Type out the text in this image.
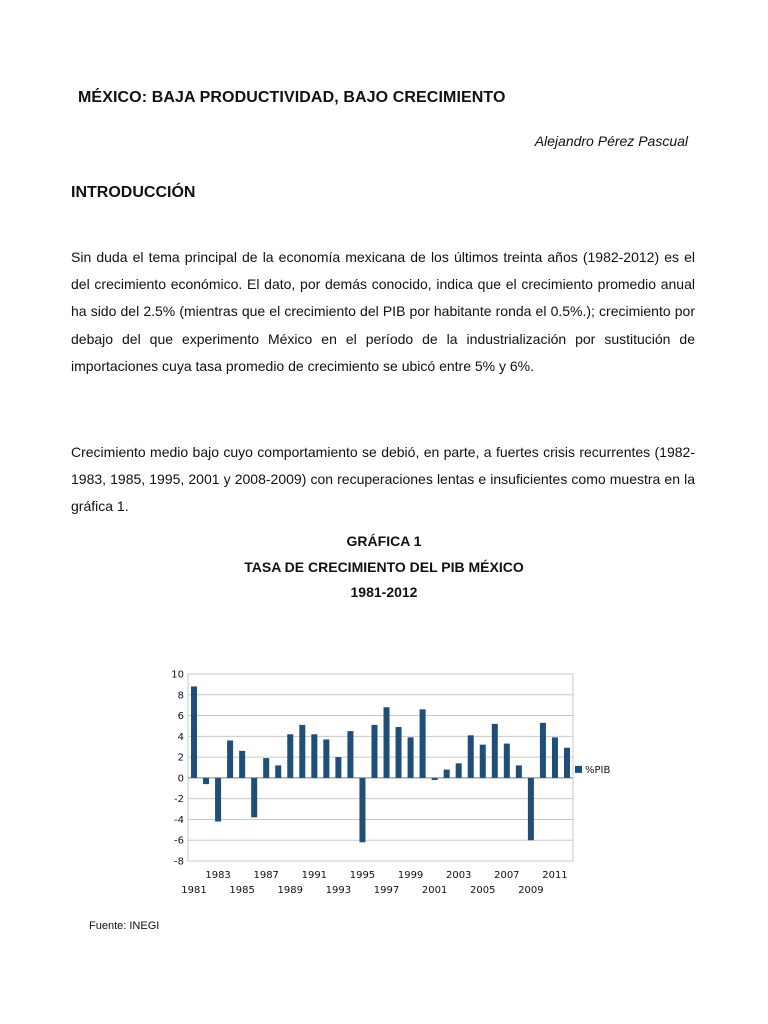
MÉXICO: BAJA PRODUCTIVIDAD, BAJO CRECIMIENTO
Alejandro Pérez Pascual
INTRODUCCIÓN

Sin duda el tema principal de la economía mexicana de los últimos treinta años (1982-2012) es el del crecimiento económico. El dato, por demás conocido, indica que el crecimiento promedio anual ha sido del 2.5% (mientras que el crecimiento del PIB por habitante ronda el 0.5%.); crecimiento por debajo del que experimento México en el período de la industrialización por sustitución de importaciones cuya tasa promedio de crecimiento se ubicó entre 5% y 6%.

Crecimiento medio bajo cuyo comportamiento se debió, en parte, a fuertes crisis recurrentes (1982-1983, 1985, 1995, 2001 y 2008-2009) con recuperaciones lentas e insuficientes como muestra en la gráfica 1.

GRÁFICA 1
TASA DE CRECIMIENTO DEL PIB MÉXICO
1981-2012
10
8
6
4
2
0
-2
-4
-6
-8
1983 1987 1991 1995 1999 2003 2007 2011
1981 1985 1989 1993 1997 2001 2005 2009
%PIB
Fuente: INEGI
